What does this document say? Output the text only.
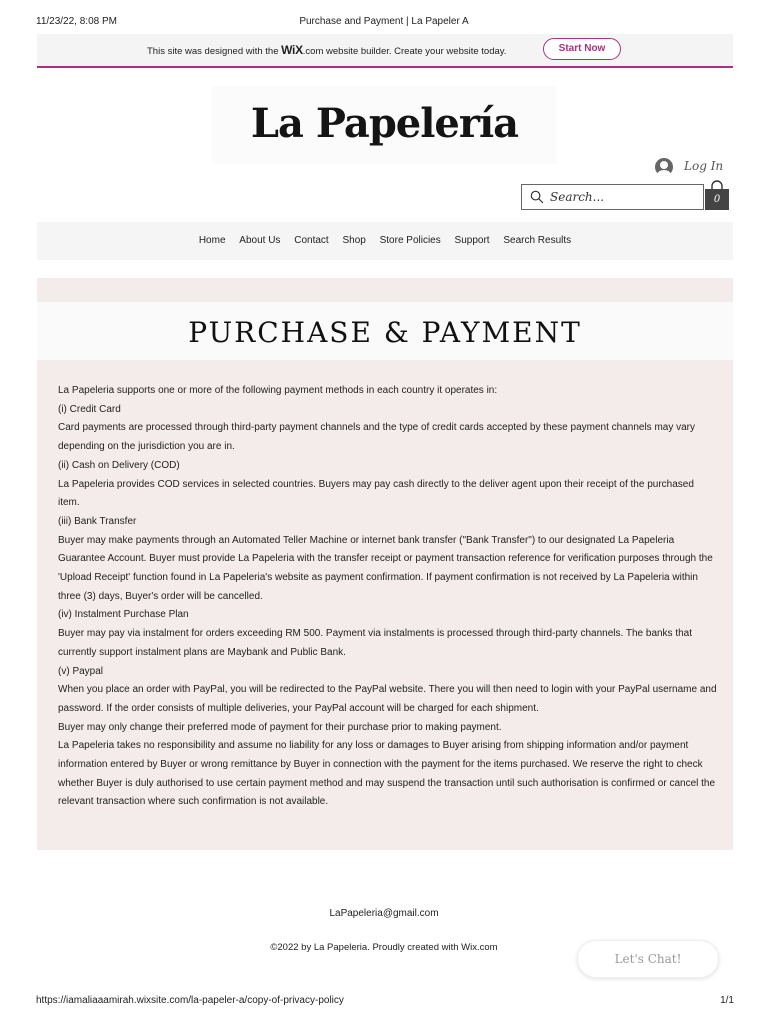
11/23/22, 8:08 PM	Purchase and Payment | La Papeler A
This site was designed with the WiX.com website builder. Create your website today.	Start Now
La Papelería
Log In
Search...
0
Home About Us Contact Shop Store Policies Support Search Results
PURCHASE & PAYMENT

La Papeleria supports one or more of the following payment methods in each country it operates in:

(i) Credit Card

Card payments are processed through third-party payment channels and the type of credit cards accepted by these payment channels may vary depending on the jurisdiction you are in.

(ii) Cash on Delivery (COD)

La Papeleria provides COD services in selected countries. Buyers may pay cash directly to the deliver agent upon their receipt of the purchased item.

(iii) Bank Transfer

Buyer may make payments through an Automated Teller Machine or internet bank transfer ("Bank Transfer") to our designated La Papeleria Guarantee Account. Buyer must provide La Papeleria with the transfer receipt or payment transaction reference for verification purposes through the 'Upload Receipt' function found in La Papeleria's website as payment confirmation. If payment confirmation is not received by La Papeleria within three (3) days, Buyer's order will be cancelled.

(iv) Instalment Purchase Plan

Buyer may pay via instalment for orders exceeding RM 500. Payment via instalments is processed through third-party channels. The banks that currently support instalment plans are Maybank and Public Bank.

(v) Paypal

When you place an order with PayPal, you will be redirected to the PayPal website. There you will then need to login with your PayPal username and password. If the order consists of multiple deliveries, your PayPal account will be charged for each shipment.

Buyer may only change their preferred mode of payment for their purchase prior to making payment.

La Papeleria takes no responsibility and assume no liability for any loss or damages to Buyer arising from shipping information and/or payment information entered by Buyer or wrong remittance by Buyer in connection with the payment for the items purchased. We reserve the right to check whether Buyer is duly authorised to use certain payment method and may suspend the transaction until such authorisation is confirmed or cancel the relevant transaction where such confirmation is not available.

LaPapeleria@gmail.com
©2022 by La Papeleria. Proudly created with Wix.com
Let's Chat!
https://iamaliaaamirah.wixsite.com/la-papeler-a/copy-of-privacy-policy	1/1
